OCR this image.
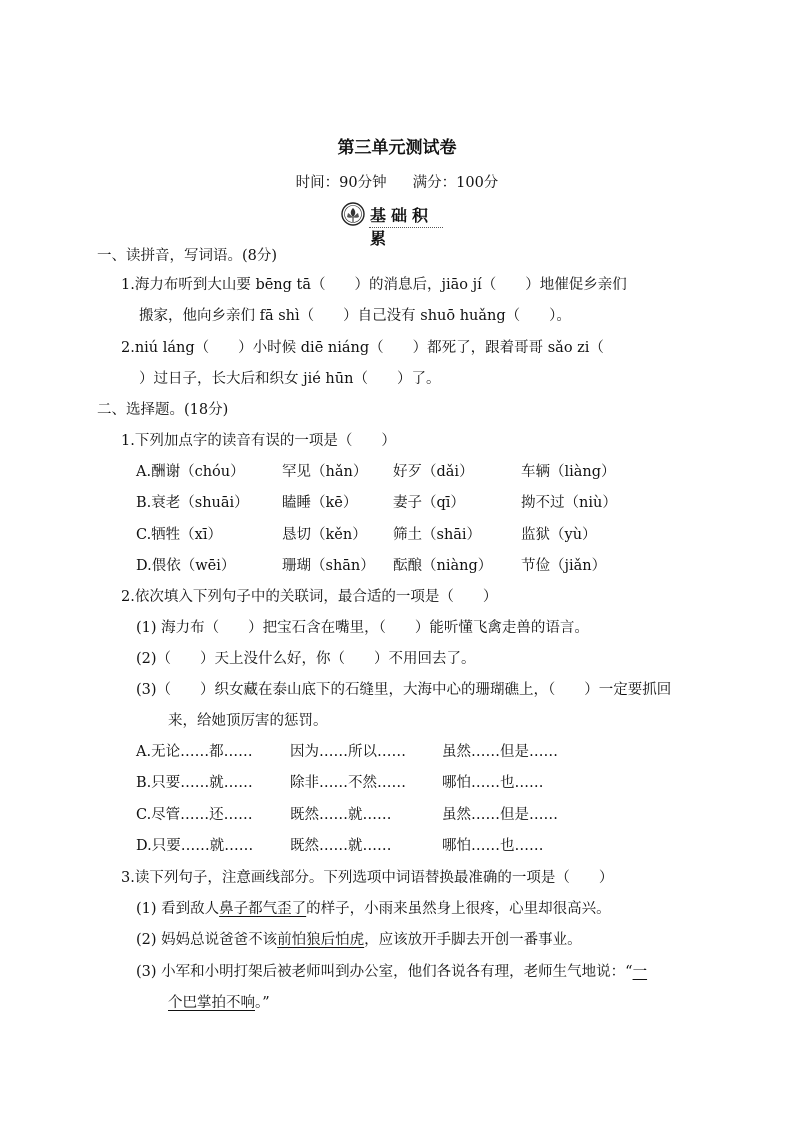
第三单元测试卷
时间：90分钟 满分：100分
基础积累
一、读拼音，写词语。(8分)
1.海力布听到大山要 bēng tā（　　）的消息后，jiāo jí（　　）地催促乡亲们
搬家，他向乡亲们 fā shì（　　）自己没有 shuō huǎng（　　）。
2.niú láng（　　）小时候 diē niáng（　　）都死了，跟着哥哥 sǎo zi（
）过日子，长大后和织女 jié hūn（　　）了。
二、选择题。(18分)
1.下列加点字的读音有误的一项是（　　）
A.酬谢（chóu）	罕见（hǎn） 好歹（dǎi）	车辆（liàng）
B.衰老（shuāi） 瞌睡（kē） 妻子（qī）	拗不过（niù）
C.牺牲（xī）	恳切（kěn） 筛土（shāi）	监狱（yù）
D.偎依（wēi）	珊瑚（shān） 酝酿（niàng） 节俭（jiǎn）
2.依次填入下列句子中的关联词，最合适的一项是（　　）
(1) 海力布（　　）把宝石含在嘴里，（　　）能听懂飞禽走兽的语言。
(2)（　　）天上没什么好，你（　　）不用回去了。
(3)（　　）织女藏在泰山底下的石缝里，大海中心的珊瑚礁上，（　　）一定要抓回
来，给她顶厉害的惩罚。
A.无论……都……	因为……所以…… 虽然……但是……
B.只要……就……	除非……不然…… 哪怕……也……
C.尽管……还……	既然……就……	虽然……但是……
D.只要……就……	既然……就……	哪怕……也……
3.读下列句子，注意画线部分。下列选项中词语替换最准确的一项是（　　）
(1) 看到敌人鼻子都气歪了的样子，小雨来虽然身上很疼，心里却很高兴。
(2) 妈妈总说爸爸不该前怕狼后怕虎，应该放开手脚去开创一番事业。
(3) 小军和小明打架后被老师叫到办公室，他们各说各有理，老师生气地说：“一
个巴掌拍不响。”
